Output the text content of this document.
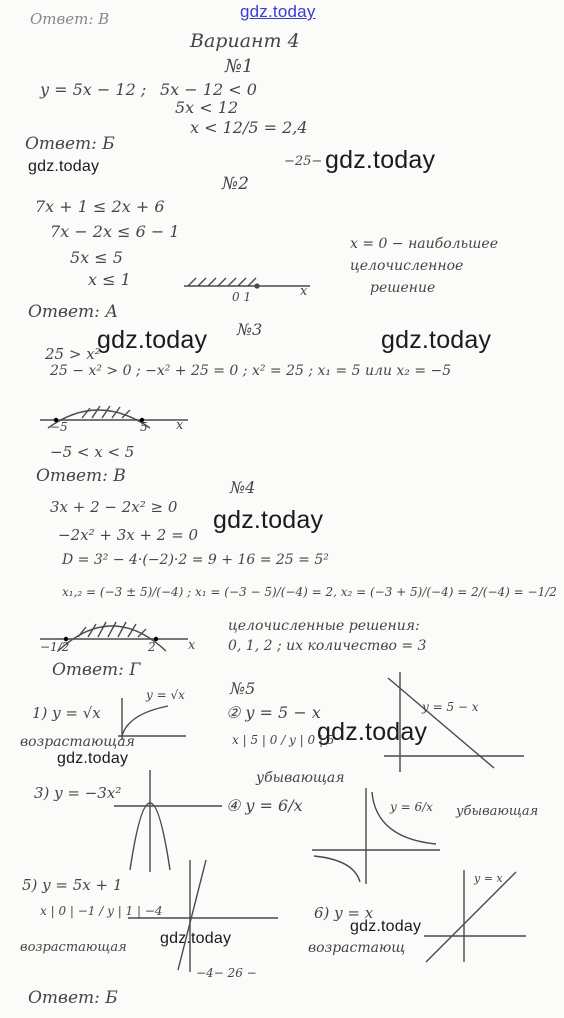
gdz.today
gdz.today	gdz.today
gdz.today	gdz.today
gdz.today
gdz.today
gdz.today
gdz.today
gdz.today
Ответ: В
Вариант 4
№1
y = 5x − 12 ; 5x − 12 < 0
5x < 12
x < 12/5 = 2,4
Ответ: Б
−25−
№2
7x + 1 ≤ 2x + 6
7x − 2x ≤ 6 − 1
5x ≤ 5
x ≤ 1
0 1	x
x = 0 − наибольшее
целочисленное
решение
Ответ: А
№3
25 > x²
25 − x² > 0 ; −x² + 25 = 0 ; x² = 25 ; x₁ = 5 или x₂ = −5
−5	5 x
−5 < x < 5
Ответ: В
№4
3x + 2 − 2x² ≥ 0
−2x² + 3x + 2 = 0
D = 3² − 4·(−2)·2 = 9 + 16 = 25 = 5²
x₁,₂ = (−3 ± 5)/(−4) ; x₁ = (−3 − 5)/(−4) = 2, x₂ = (−3 + 5)/(−4) = 2/(−4) = −1/2
−1/2	2 x
целочисленные решения:
0, 1, 2 ; их количество = 3
Ответ: Г
№5
1) y = √x
y = √x
возрастающая
② y = 5 − x
x | 5 | 0 / y | 0 | 5
убывающая
y = 5 − x
3) y = −3x²
④ y = 6/x	y = 6/x убывающая
5) y = 5x + 1
x | 0 | −1 / y | 1 | −4
возрастающая
−4− 26 −
6) y = x
возрастающ
y = x
Ответ: Б
